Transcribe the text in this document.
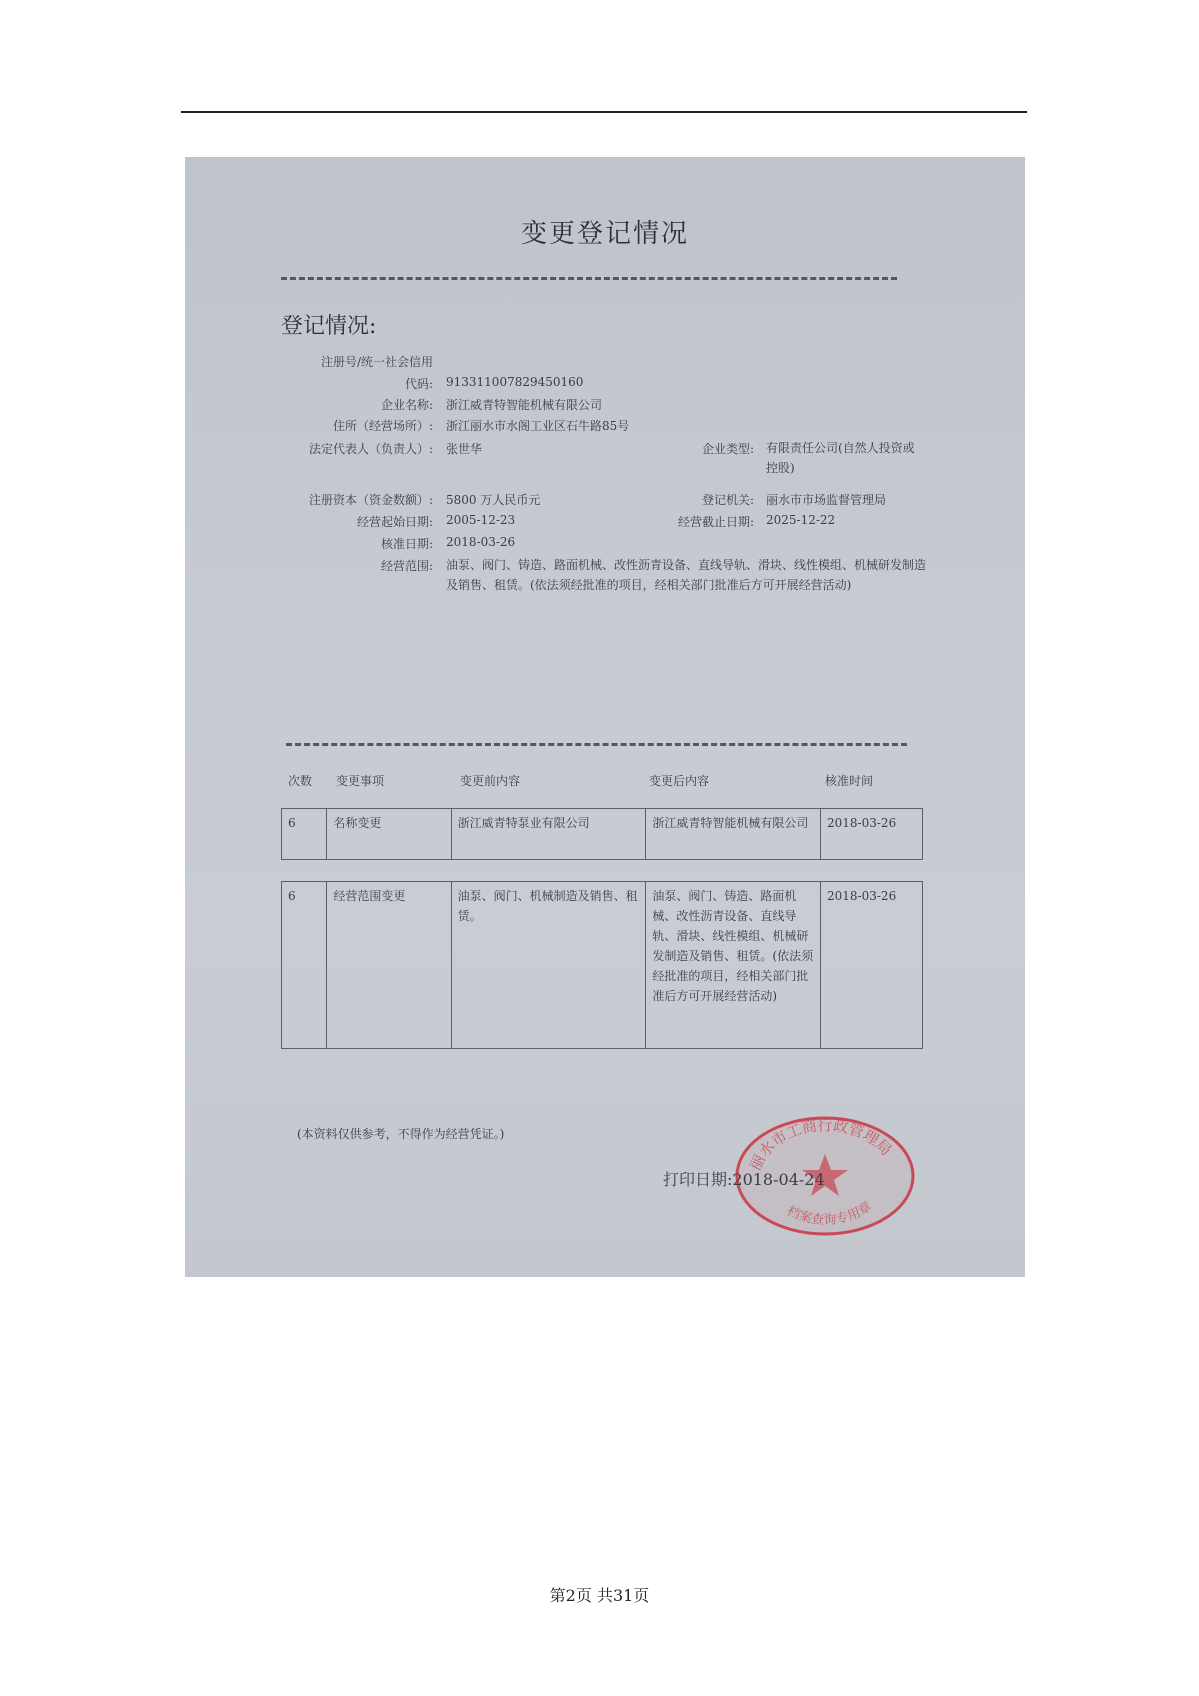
变更登记情况
登记情况:
注册号/统一社会信用
代码: 913311007829450160
企业名称: 浙江威青特智能机械有限公司
住所（经营场所）: 浙江丽水市水阁工业区石牛路85号
法定代表人（负责人）: 张世华
注册资本（资金数额）: 5800 万人民币元
经营起始日期: 2005-12-23
核准日期: 2018-03-26
经营范围: 油泵、阀门、铸造、路面机械、改性沥青设备、直线导轨、滑块、线性模组、机械研发制造及销售、租赁。(依法须经批准的项目，经相关部门批准后方可开展经营活动)
企业类型: 有限责任公司(自然人投资或控股)
登记机关: 丽水市市场监督管理局
经营截止日期: 2025-12-22
次数 变更事项	变更前内容	变更后内容	核准时间
6	名称变更	浙江威青特泵业有限公司	浙江威青特智能机械有限公司	2018-03-26
6	经营范围变更	油泵、阀门、机械制造及销售、租赁。	油泵、阀门、铸造、路面机械、改性沥青设备、直线导轨、滑块、线性模组、机械研发制造及销售、租赁。(依法须经批准的项目，经相关部门批准后方可开展经营活动)	2018-03-26
(本资料仅供参考，不得作为经营凭证。)
丽水市工商行政管理局
档案查询专用章
打印日期:2018-04-24
第2页 共31页
